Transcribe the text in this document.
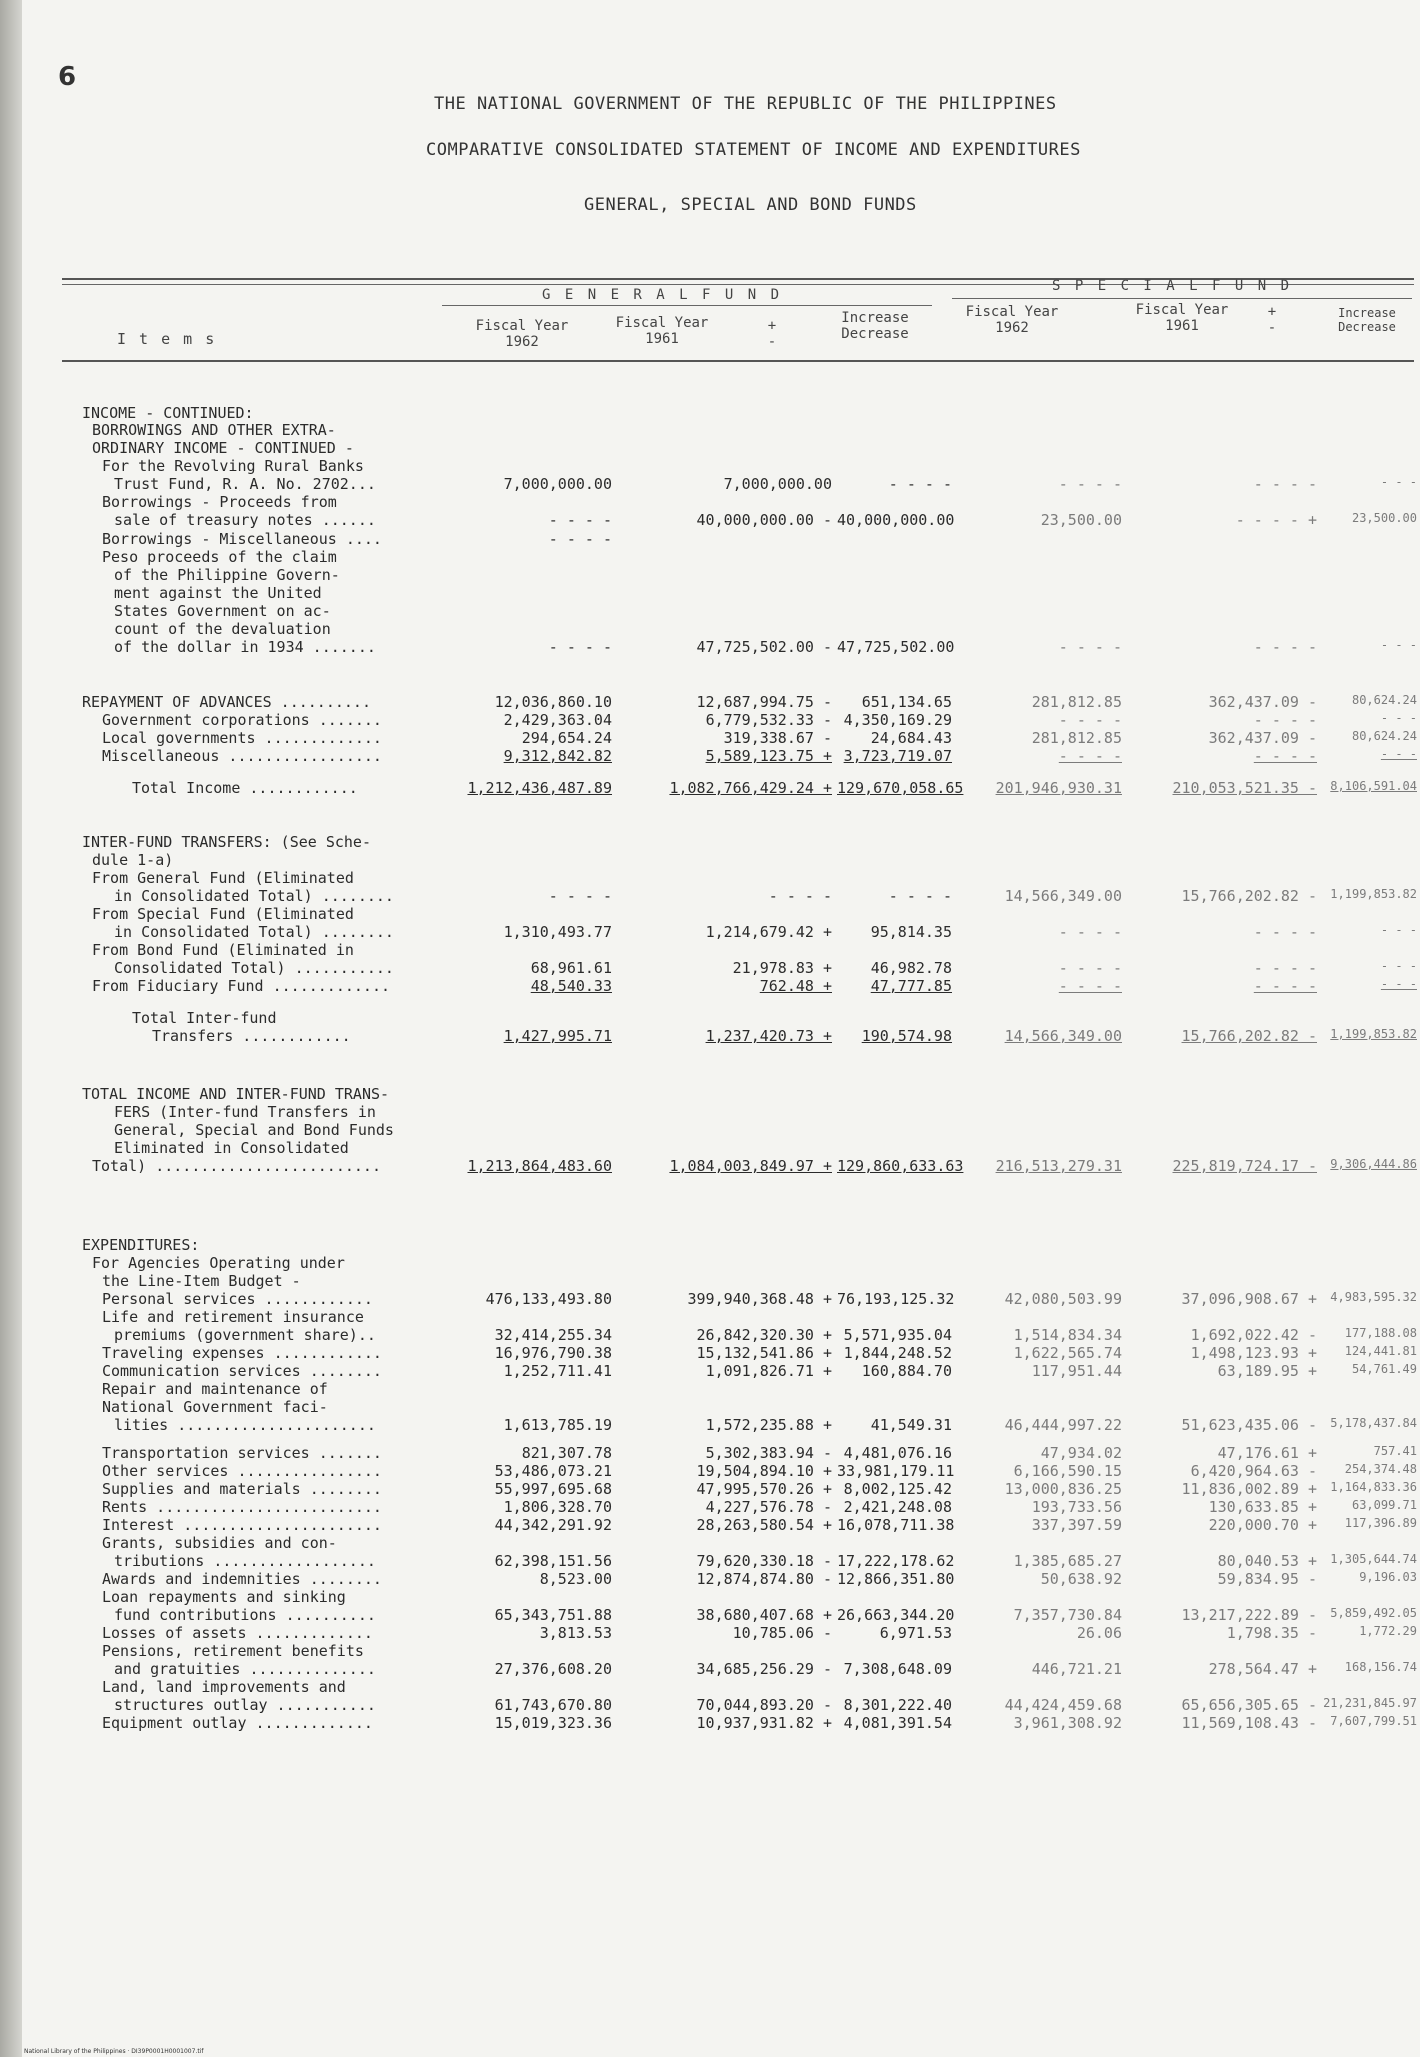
6
THE NATIONAL GOVERNMENT OF THE REPUBLIC OF THE PHILIPPINES
COMPARATIVE CONSOLIDATED STATEMENT OF INCOME AND EXPENDITURES
GENERAL, SPECIAL AND BOND FUNDS
I t e m s
G E N E R A L F U N D
S P E C I A L F U N D
Fiscal Year 1962
Fiscal Year 1961
+ -
Increase Decrease
Fiscal Year 1962
Fiscal Year 1961
+ -
Increase Decrease
INCOME - CONTINUED:
BORROWINGS AND OTHER EXTRA-
ORDINARY INCOME - CONTINUED -
For the Revolving Rural Banks
Trust Fund, R. A. No. 2702...	7,000,000.00	7,000,000.00	- - - -	- - - -	- - - -	- - -
Borrowings - Proceeds from
sale of treasury notes ......	- - - -	40,000,000.00 - 40,000,000.00	23,500.00	- - - - +	23,500.00
Borrowings - Miscellaneous ....	- - - -
Peso proceeds of the claim
of the Philippine Govern-
ment against the United
States Government on ac-
count of the devaluation
of the dollar in 1934 .......	- - - -	47,725,502.00 - 47,725,502.00	- - - -	- - - -	- - -
REPAYMENT OF ADVANCES ..........	12,036,860.10	12,687,994.75 -	651,134.65	281,812.85	362,437.09 -	80,624.24
Government corporations .......	2,429,363.04	6,779,532.33 - 4,350,169.29	- - - -	- - - -	- - -
Local governments .............	294,654.24	319,338.67 -	24,684.43	281,812.85	362,437.09 -	80,624.24
Miscellaneous .................	9,312,842.82	5,589,123.75 + 3,723,719.07	- - - -	- - - -	- - -
Total Income ............	1,212,436,487.89	1,082,766,429.24 + 129,670,058.65	201,946,930.31	210,053,521.35 -	8,106,591.04
INTER-FUND TRANSFERS: (See Sche-
dule 1-a)
From General Fund (Eliminated
in Consolidated Total) ........	- - - -	- - - -	- - - -	14,566,349.00	15,766,202.82 -	1,199,853.82
From Special Fund (Eliminated
in Consolidated Total) ........	1,310,493.77	1,214,679.42 +	95,814.35	- - - -	- - - -	- - -
From Bond Fund (Eliminated in
Consolidated Total) ...........	68,961.61	21,978.83 +	46,982.78	- - - -	- - - -	- - -
From Fiduciary Fund .............	48,540.33	762.48 +	47,777.85	- - - -	- - - -	- - -
Total Inter-fund
Transfers ............	1,427,995.71	1,237,420.73 +	190,574.98	14,566,349.00	15,766,202.82 -	1,199,853.82
TOTAL INCOME AND INTER-FUND TRANS-
FERS (Inter-fund Transfers in
General, Special and Bond Funds
Eliminated in Consolidated
Total) .........................	1,213,864,483.60	1,084,003,849.97 + 129,860,633.63	216,513,279.31	225,819,724.17 -	9,306,444.86
EXPENDITURES:
For Agencies Operating under
the Line-Item Budget -
Personal services ............	476,133,493.80	399,940,368.48 + 76,193,125.32	42,080,503.99	37,096,908.67 +	4,983,595.32
Life and retirement insurance
premiums (government share)..	32,414,255.34	26,842,320.30 + 5,571,935.04	1,514,834.34	1,692,022.42 -	177,188.08
Traveling expenses ............	16,976,790.38	15,132,541.86 + 1,844,248.52	1,622,565.74	1,498,123.93 +	124,441.81
Communication services ........	1,252,711.41	1,091,826.71 +	160,884.70	117,951.44	63,189.95 +	54,761.49
Repair and maintenance of
National Government faci-
lities ......................	1,613,785.19	1,572,235.88 +	41,549.31	46,444,997.22	51,623,435.06 -	5,178,437.84
Transportation services .......	821,307.78	5,302,383.94 - 4,481,076.16	47,934.02	47,176.61 +	757.41
Other services ................	53,486,073.21	19,504,894.10 + 33,981,179.11	6,166,590.15	6,420,964.63 -	254,374.48
Supplies and materials ........	55,997,695.68	47,995,570.26 + 8,002,125.42	13,000,836.25	11,836,002.89 +	1,164,833.36
Rents .........................	1,806,328.70	4,227,576.78 - 2,421,248.08	193,733.56	130,633.85 +	63,099.71
Interest ......................	44,342,291.92	28,263,580.54 + 16,078,711.38	337,397.59	220,000.70 +	117,396.89
Grants, subsidies and con-
tributions ..................	62,398,151.56	79,620,330.18 - 17,222,178.62	1,385,685.27	80,040.53 +	1,305,644.74
Awards and indemnities ........	8,523.00	12,874,874.80 - 12,866,351.80	50,638.92	59,834.95 -	9,196.03
Loan repayments and sinking
fund contributions ..........	65,343,751.88	38,680,407.68 + 26,663,344.20	7,357,730.84	13,217,222.89 -	5,859,492.05
Losses of assets .............	3,813.53	10,785.06 -	6,971.53	26.06	1,798.35 -	1,772.29
Pensions, retirement benefits
and gratuities ..............	27,376,608.20	34,685,256.29 - 7,308,648.09	446,721.21	278,564.47 +	168,156.74
Land, land improvements and
structures outlay ...........	61,743,670.80	70,044,893.20 - 8,301,222.40	44,424,459.68	65,656,305.65 - 21,231,845.97
Equipment outlay .............	15,019,323.36	10,937,931.82 + 4,081,391.54	3,961,308.92	11,569,108.43 -	7,607,799.51
National Library of the Philippines · DI39P0001H0001007.tif
